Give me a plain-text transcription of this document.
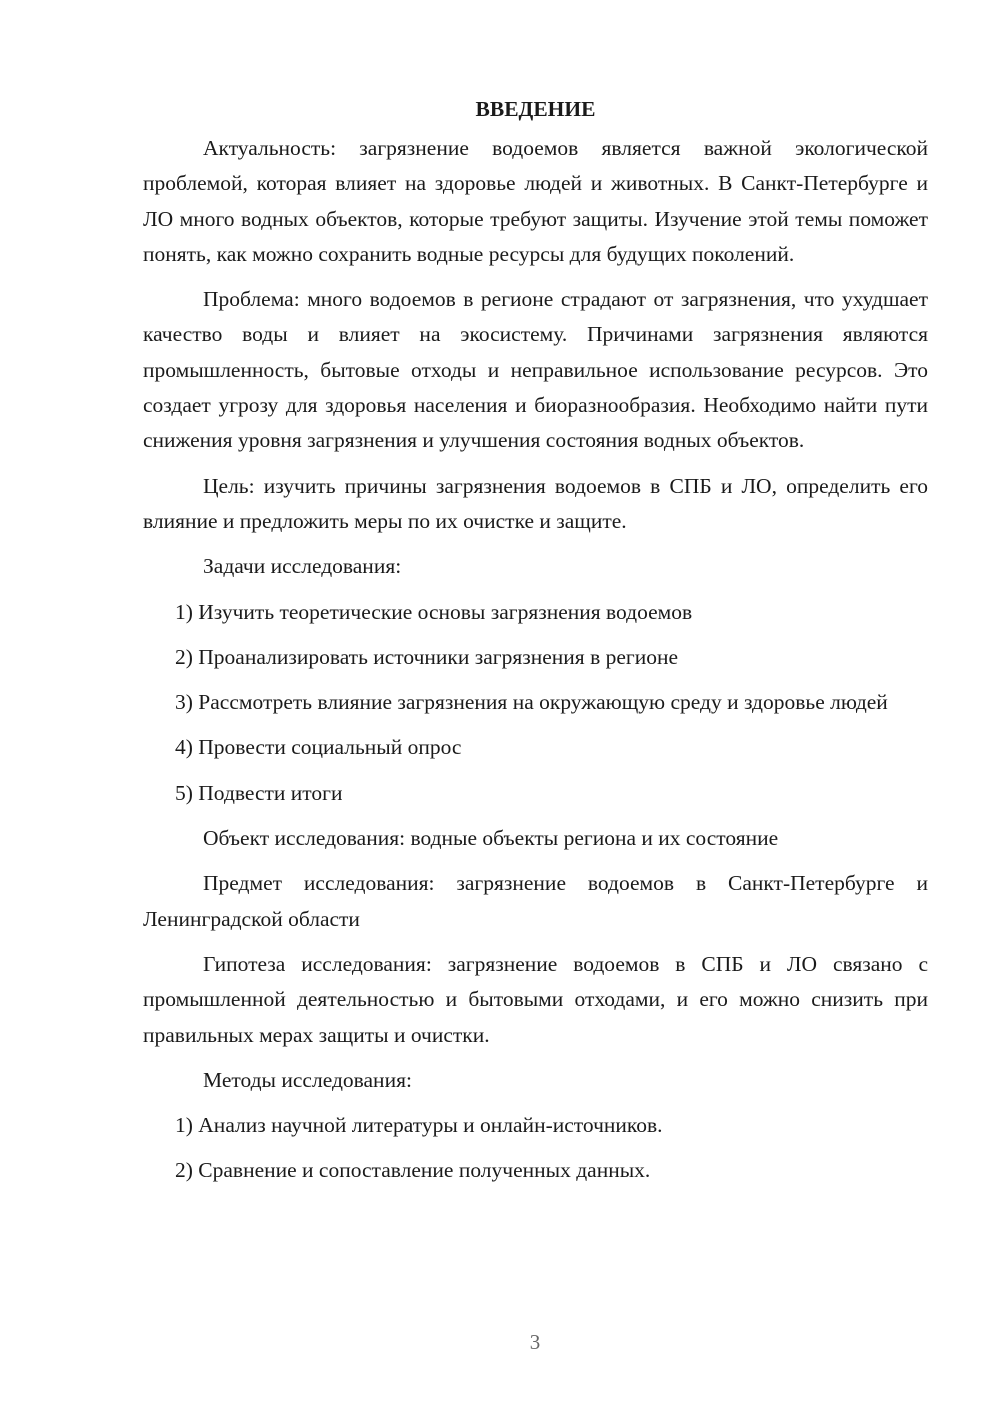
ВВЕДЕНИЕ

Актуальность: загрязнение водоемов является важной экологической проблемой, которая влияет на здоровье людей и животных. В Санкт-Петербурге и ЛО много водных объектов, которые требуют защиты. Изучение этой темы поможет понять, как можно сохранить водные ресурсы для будущих поколений.

Проблема: много водоемов в регионе страдают от загрязнения, что ухудшает качество воды и влияет на экосистему. Причинами загрязнения являются промышленность, бытовые отходы и неправильное использование ресурсов. Это создает угрозу для здоровья населения и биоразнообразия. Необходимо найти пути снижения уровня загрязнения и улучшения состояния водных объектов.

Цель: изучить причины загрязнения водоемов в СПБ и ЛО, определить его влияние и предложить меры по их очистке и защите.

Задачи исследования:

1) Изучить теоретические основы загрязнения водоемов

2) Проанализировать источники загрязнения в регионе

3) Рассмотреть влияние загрязнения на окружающую среду и здоровье людей

4) Провести социальный опрос

5) Подвести итоги

Объект исследования: водные объекты региона и их состояние

Предмет исследования: загрязнение водоемов в Санкт-Петербурге и Ленинградской области

Гипотеза исследования: загрязнение водоемов в СПБ и ЛО связано с промышленной деятельностью и бытовыми отходами, и его можно снизить при правильных мерах защиты и очистки.

Методы исследования:

1) Анализ научной литературы и онлайн-источников.

2) Сравнение и сопоставление полученных данных.

3
